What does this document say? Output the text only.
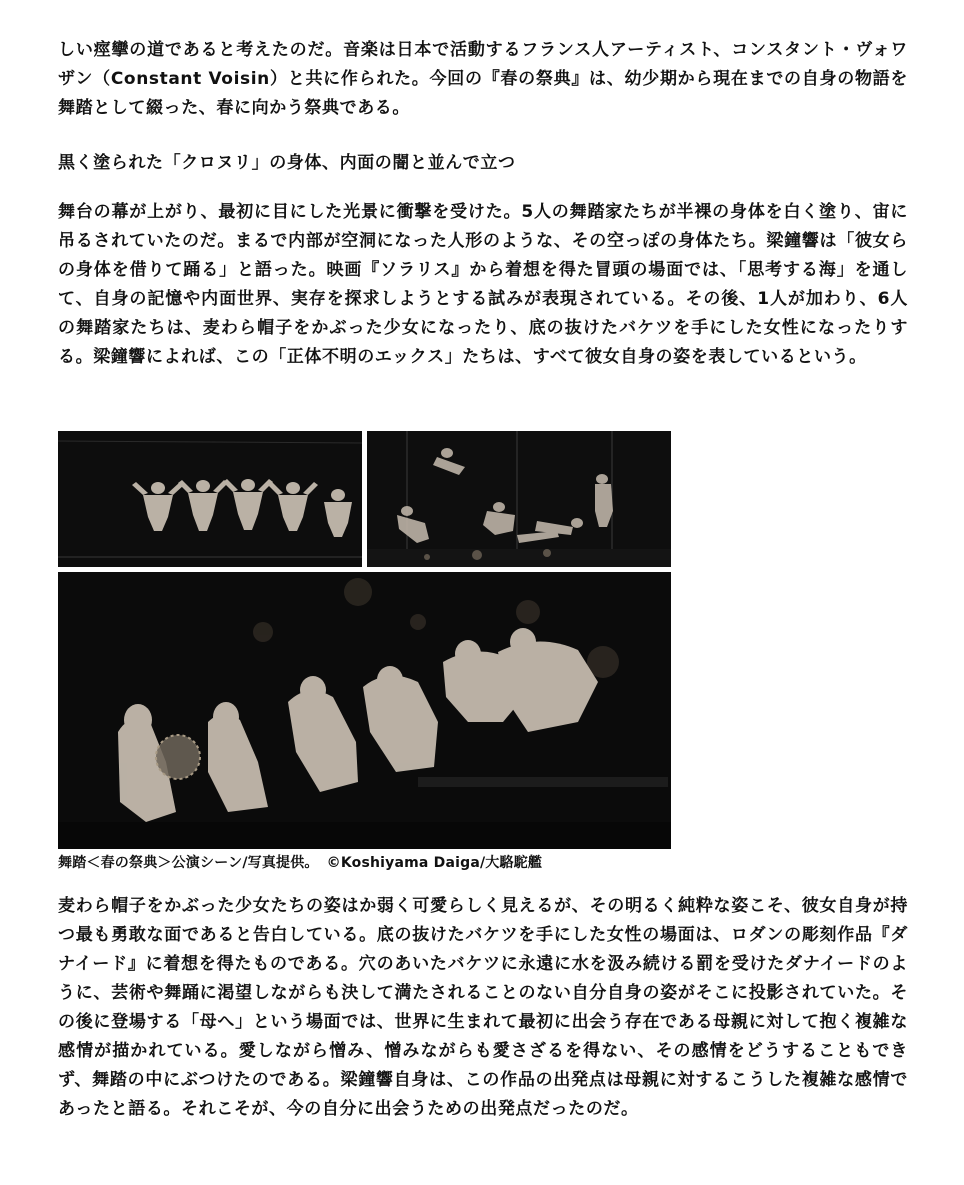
しい痙攣の道であると考えたのだ。音楽は日本で活動するフランス人アーティスト、コンスタント・ヴォワザン（Constant Voisin）と共に作られた。今回の『春の祭典』は、幼少期から現在までの自身の物語を舞踏として綴った、春に向かう祭典である。

黒く塗られた「クロヌリ」の身体、内面の闇と並んで立つ

舞台の幕が上がり、最初に目にした光景に衝撃を受けた。5人の舞踏家たちが半裸の身体を白く塗り、宙に吊るされていたのだ。まるで内部が空洞になった人形のような、その空っぽの身体たち。梁鐘響は「彼女らの身体を借りて踊る」と語った。映画『ソラリス』から着想を得た冒頭の場面では、「思考する海」を通して、自身の記憶や内面世界、実存を探求しようとする試みが表現されている。その後、1人が加わり、6人の舞踏家たちは、麦わら帽子をかぶった少女になったり、底の抜けたバケツを手にした女性になったりする。梁鐘響によれば、この「正体不明のエックス」たちは、すべて彼女自身の姿を表しているという。

舞踏＜春の祭典＞公演シーン/写真提供。 ©Koshiyama Daiga/大駱駝艦

麦わら帽子をかぶった少女たちの姿はか弱く可愛らしく見えるが、その明るく純粋な姿こそ、彼女自身が持つ最も勇敢な面であると告白している。底の抜けたバケツを手にした女性の場面は、ロダンの彫刻作品『ダナイード』に着想を得たものである。穴のあいたバケツに永遠に水を汲み続ける罰を受けたダナイードのように、芸術や舞踊に渇望しながらも決して満たされることのない自分自身の姿がそこに投影されていた。その後に登場する「母へ」という場面では、世界に生まれて最初に出会う存在である母親に対して抱く複雑な感情が描かれている。愛しながら憎み、憎みながらも愛さざるを得ない、その感情をどうすることもできず、舞踏の中にぶつけたのである。梁鐘響自身は、この作品の出発点は母親に対するこうした複雑な感情であったと語る。それこそが、今の自分に出会うための出発点だったのだ。
